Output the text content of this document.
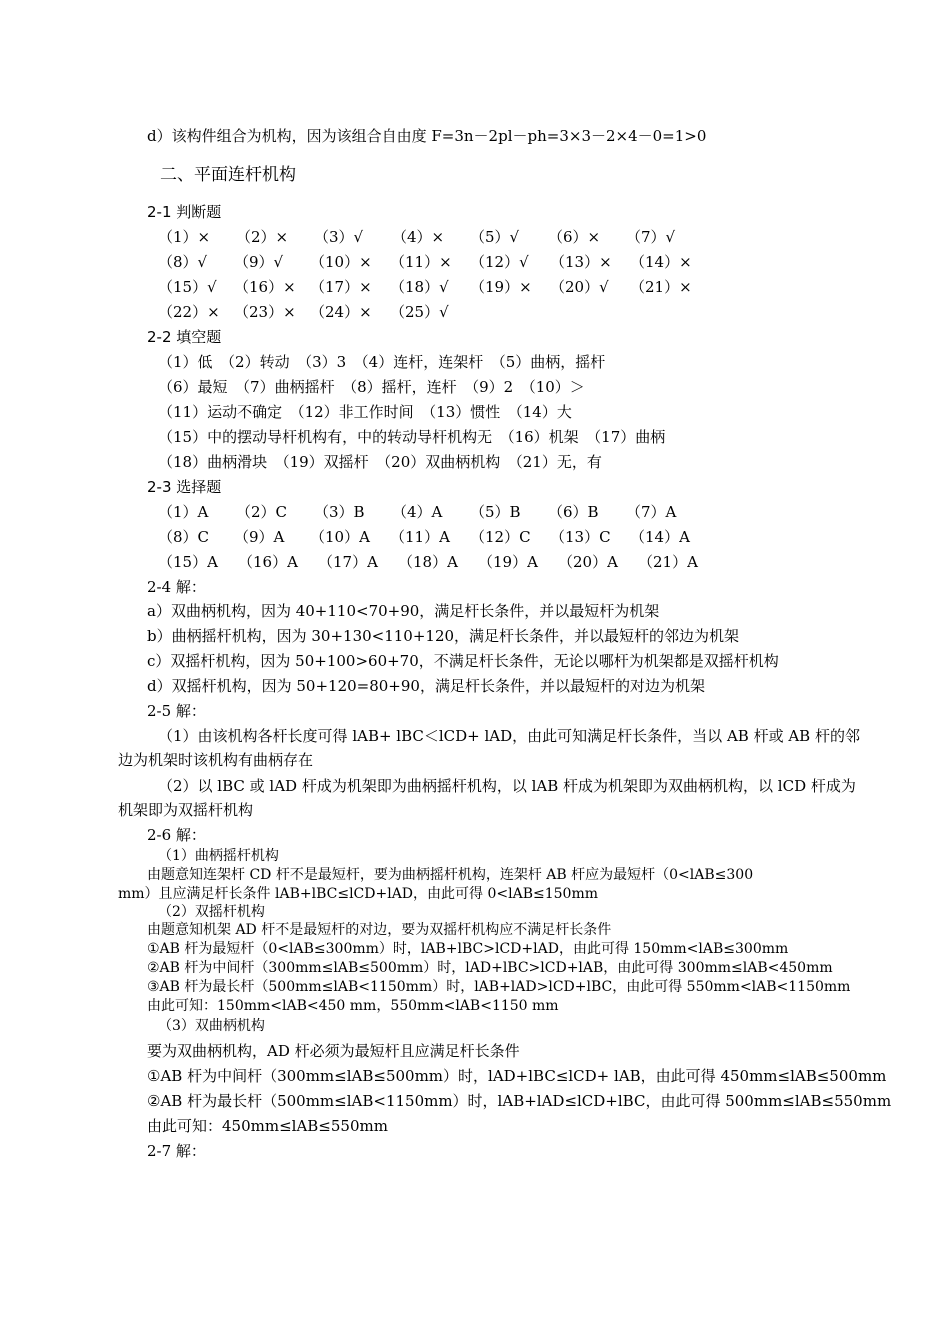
d）该构件组合为机构，因为该组合自由度 F=3n－2pl－ph=3×3－2×4－0=1>0
二、平面连杆机构
2-1 判断题
（1）× （2）× （3）√ （4）× （5）√ （6）× （7）√
（8）√ （9）√ （10）× （11）× （12）√ （13）× （14）×
（15）√ （16）× （17）× （18）√ （19）× （20）√ （21）×
（22）× （23）× （24）× （25）√
2-2 填空题
（1）低　（2）转动　（3）3　（4）连杆，连架杆　（5）曲柄，摇杆
（6）最短　（7）曲柄摇杆　（8）摇杆，连杆　（9）2　（10）＞
（11）运动不确定　（12）非工作时间　（13）惯性　（14）大
（15）中的摆动导杆机构有，中的转动导杆机构无　（16）机架　（17）曲柄
（18）曲柄滑块　（19）双摇杆　（20）双曲柄机构　（21）无，有
2-3 选择题
（1）A （2）C （3）B （4）A （5）B （6）B （7）A
（8）C （9）A （10）A （11）A （12）C （13）C （14）A
（15）A （16）A （17）A （18）A （19）A （20）A （21）A
2-4 解：
a）双曲柄机构，因为 40+110<70+90，满足杆长条件，并以最短杆为机架
b）曲柄摇杆机构，因为 30+130<110+120，满足杆长条件，并以最短杆的邻边为机架
c）双摇杆机构，因为 50+100>60+70，不满足杆长条件，无论以哪杆为机架都是双摇杆机构
d）双摇杆机构，因为 50+120=80+90，满足杆长条件，并以最短杆的对边为机架
2-5 解：
（1）由该机构各杆长度可得 lAB+ lBC＜lCD+ lAD，由此可知满足杆长条件，当以 AB 杆或 AB 杆的邻
边为机架时该机构有曲柄存在
（2）以 lBC 或 lAD 杆成为机架即为曲柄摇杆机构，以 lAB 杆成为机架即为双曲柄机构，以 lCD 杆成为
机架即为双摇杆机构
2-6 解：
（1）曲柄摇杆机构
由题意知连架杆 CD 杆不是最短杆，要为曲柄摇杆机构，连架杆 AB 杆应为最短杆（0<lAB≤300
mm）且应满足杆长条件 lAB+lBC≤lCD+lAD，由此可得 0<lAB≤150mm
（2）双摇杆机构
由题意知机架 AD 杆不是最短杆的对边，要为双摇杆机构应不满足杆长条件
①AB 杆为最短杆（0<lAB≤300mm）时，lAB+lBC>lCD+lAD，由此可得 150mm<lAB≤300mm
②AB 杆为中间杆（300mm≤lAB≤500mm）时，lAD+lBC>lCD+lAB，由此可得 300mm≤lAB<450mm
③AB 杆为最长杆（500mm≤lAB<1150mm）时，lAB+lAD>lCD+lBC，由此可得 550mm<lAB<1150mm
由此可知：150mm<lAB<450 mm，550mm<lAB<1150 mm
（3）双曲柄机构
要为双曲柄机构，AD 杆必须为最短杆且应满足杆长条件
①AB 杆为中间杆（300mm≤lAB≤500mm）时，lAD+lBC≤lCD+ lAB，由此可得 450mm≤lAB≤500mm
②AB 杆为最长杆（500mm≤lAB<1150mm）时，lAB+lAD≤lCD+lBC，由此可得 500mm≤lAB≤550mm
由此可知：450mm≤lAB≤550mm
2-7 解：
